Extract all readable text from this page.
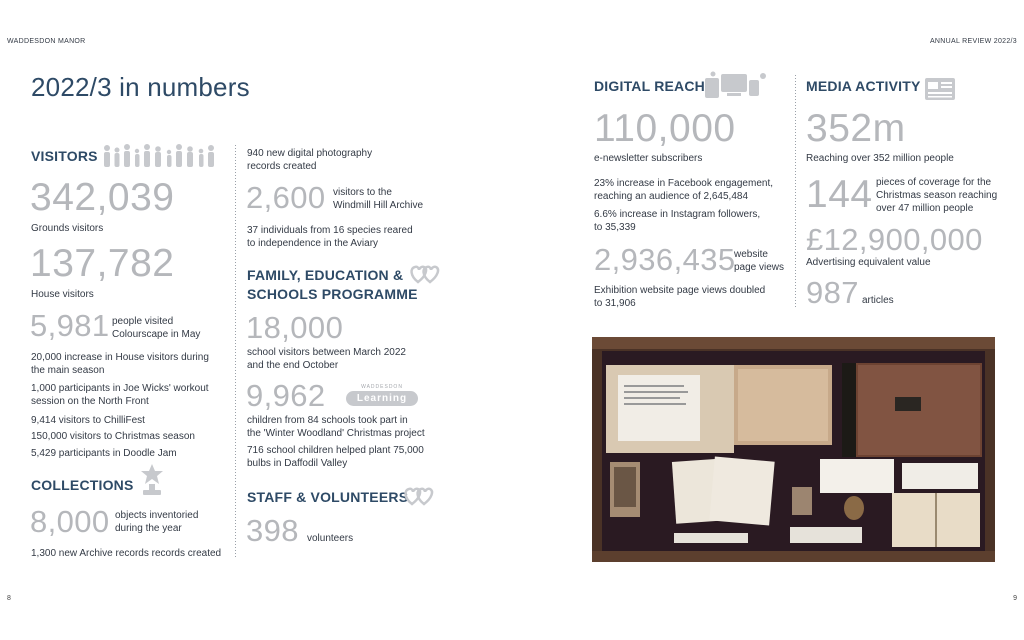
WADDESDON MANOR	ANNUAL REVIEW 2022/3
2022/3 in numbers
VISITORS
342,039
Grounds visitors
137,782
House visitors
5,981 people visited
Colourscape in May
20,000 increase in House visitors during
the main season
1,000 participants in Joe Wicks' workout
session on the North Front
9,414 visitors to ChilliFest
150,000 visitors to Christmas season
5,429 participants in Doodle Jam
COLLECTIONS
8,000 objects inventoried
during the year
1,300 new Archive records records created
940 new digital photography
records created
2,600 visitors to the
Windmill Hill Archive
37 individuals from 16 species reared
to independence in the Aviary
FAMILY, EDUCATION &
SCHOOLS PROGRAMME
18,000
school visitors between March 2022
and the end October
9,962	WADDESDON
Learning
children from 84 schools took part in
the 'Winter Woodland' Christmas project
716 school children helped plant 75,000
bulbs in Daffodil Valley
STAFF & VOLUNTEERS
398 volunteers
DIGITAL REACH
110,000
e-newsletter subscribers
23% increase in Facebook engagement,
reaching an audience of 2,645,484
6.6% increase in Instagram followers,
to 35,339
2,936,435
website
page views
Exhibition website page views doubled
to 31,906
MEDIA ACTIVITY
352m
Reaching over 352 million people
144 pieces of coverage for the
Christmas season reaching
over 47 million people
£12,900,000
Advertising equivalent value
987 articles
8	9
